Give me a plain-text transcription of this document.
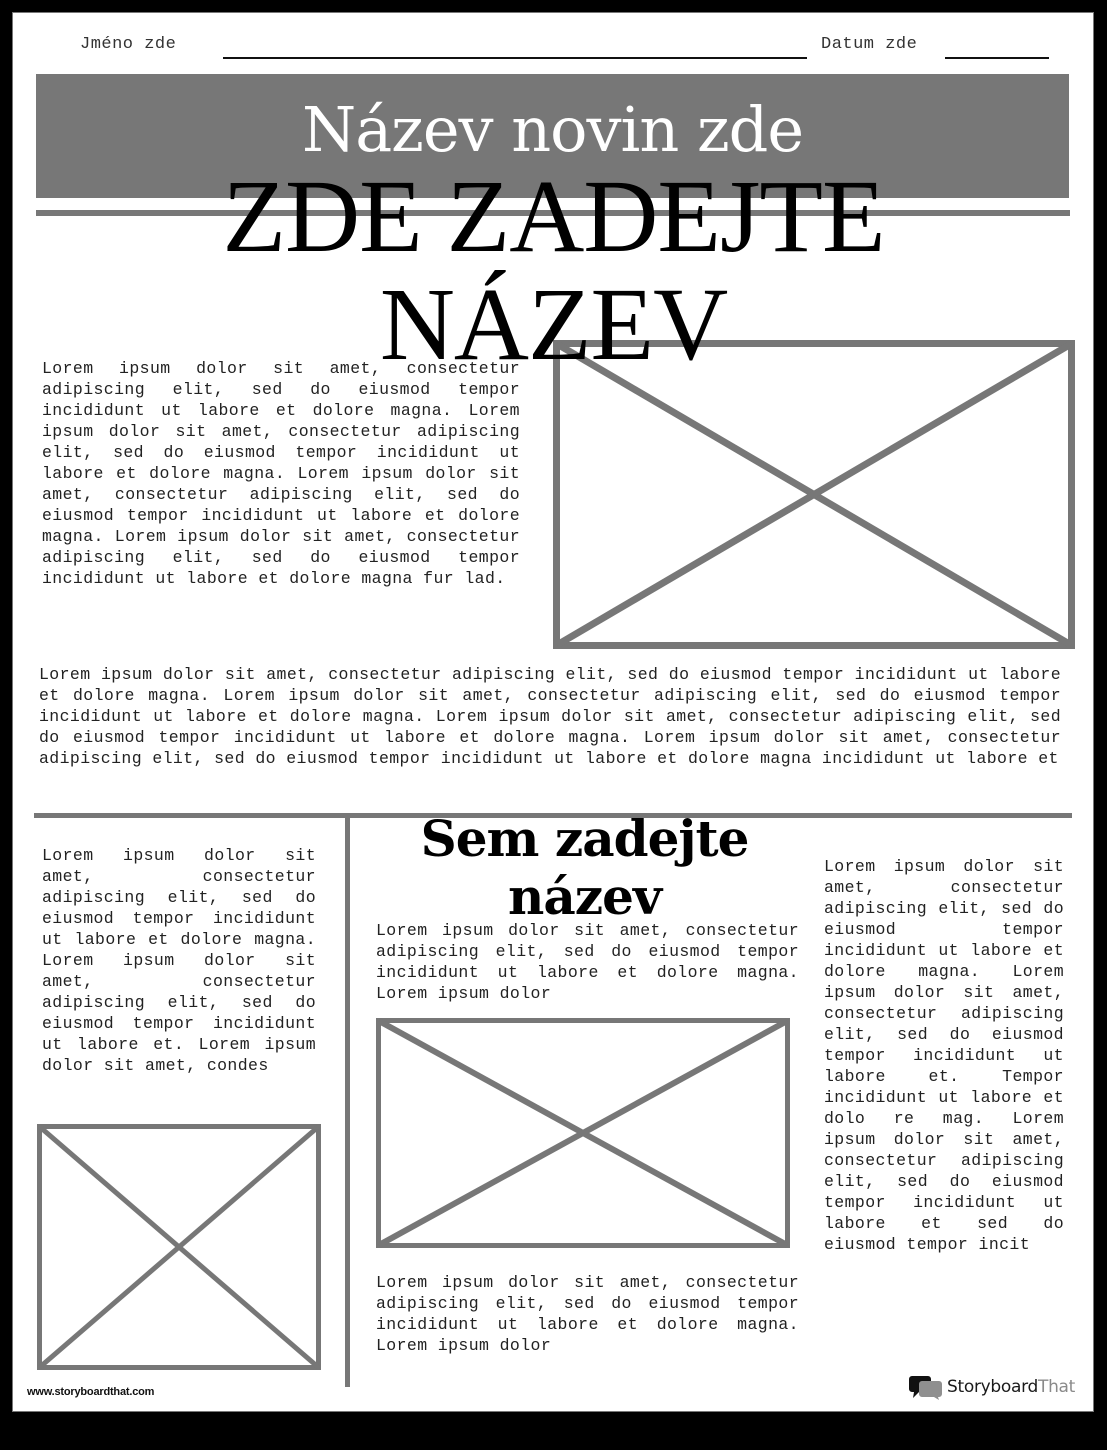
Jméno zde	Datum zde
Název novin zde
Lorem ipsum dolor sit amet, consectetur adipiscing elit, sed do eiusmod tempor incididunt ut labore et dolore magna. Lorem ipsum dolor sit amet, consectetur adipiscing elit, sed do eiusmod tempor incididunt ut labore et dolore magna. Lorem ipsum dolor sit amet, consectetur adipiscing elit, sed do eiusmod tempor incididunt ut labore et dolore magna. Lorem ipsum dolor sit amet, consectetur adipiscing elit, sed do eiusmod tempor incididunt ut labore et dolore magna fur lad.
ZDE ZADEJTE
NÁZEV
Lorem ipsum dolor sit amet, consectetur adipiscing elit, sed do eiusmod tempor incididunt ut labore et dolore magna. Lorem ipsum dolor sit amet, consectetur adipiscing elit, sed do eiusmod tempor incididunt ut labore et dolore magna. Lorem ipsum dolor sit amet, consectetur adipiscing elit, sed do eiusmod tempor incididunt ut labore et dolore magna. Lorem ipsum dolor sit amet, consectetur adipiscing elit, sed do eiusmod tempor incididunt ut labore et dolore magna incididunt ut labore et
Lorem ipsum dolor sit amet, consectetur adipiscing elit, sed do eiusmod tempor incididunt ut labore et dolore magna. Lorem ipsum dolor sit amet, consectetur adipiscing elit, sed do eiusmod tempor incididunt ut labore et. Lorem ipsum dolor sit amet, condes
Sem zadejte název
Lorem ipsum dolor sit amet, consectetur adipiscing elit, sed do eiusmod tempor incididunt ut labore et dolore magna. Lorem ipsum dolor
Lorem ipsum dolor sit amet, consectetur adipiscing elit, sed do eiusmod tempor incididunt ut labore et dolore magna. Lorem ipsum dolor
Lorem ipsum dolor sit amet, consectetur adipiscing elit, sed do eiusmod tempor incididunt ut labore et dolore magna. Lorem ipsum dolor sit amet, consectetur adipiscing elit, sed do eiusmod tempor incididunt ut labore et. Tempor incididunt ut labore et dolo re mag. Lorem ipsum dolor sit amet, consectetur adipiscing elit, sed do eiusmod tempor incididunt ut labore et sed do eiusmod tempor incit
www.storyboardthat.com	StoryboardThat
